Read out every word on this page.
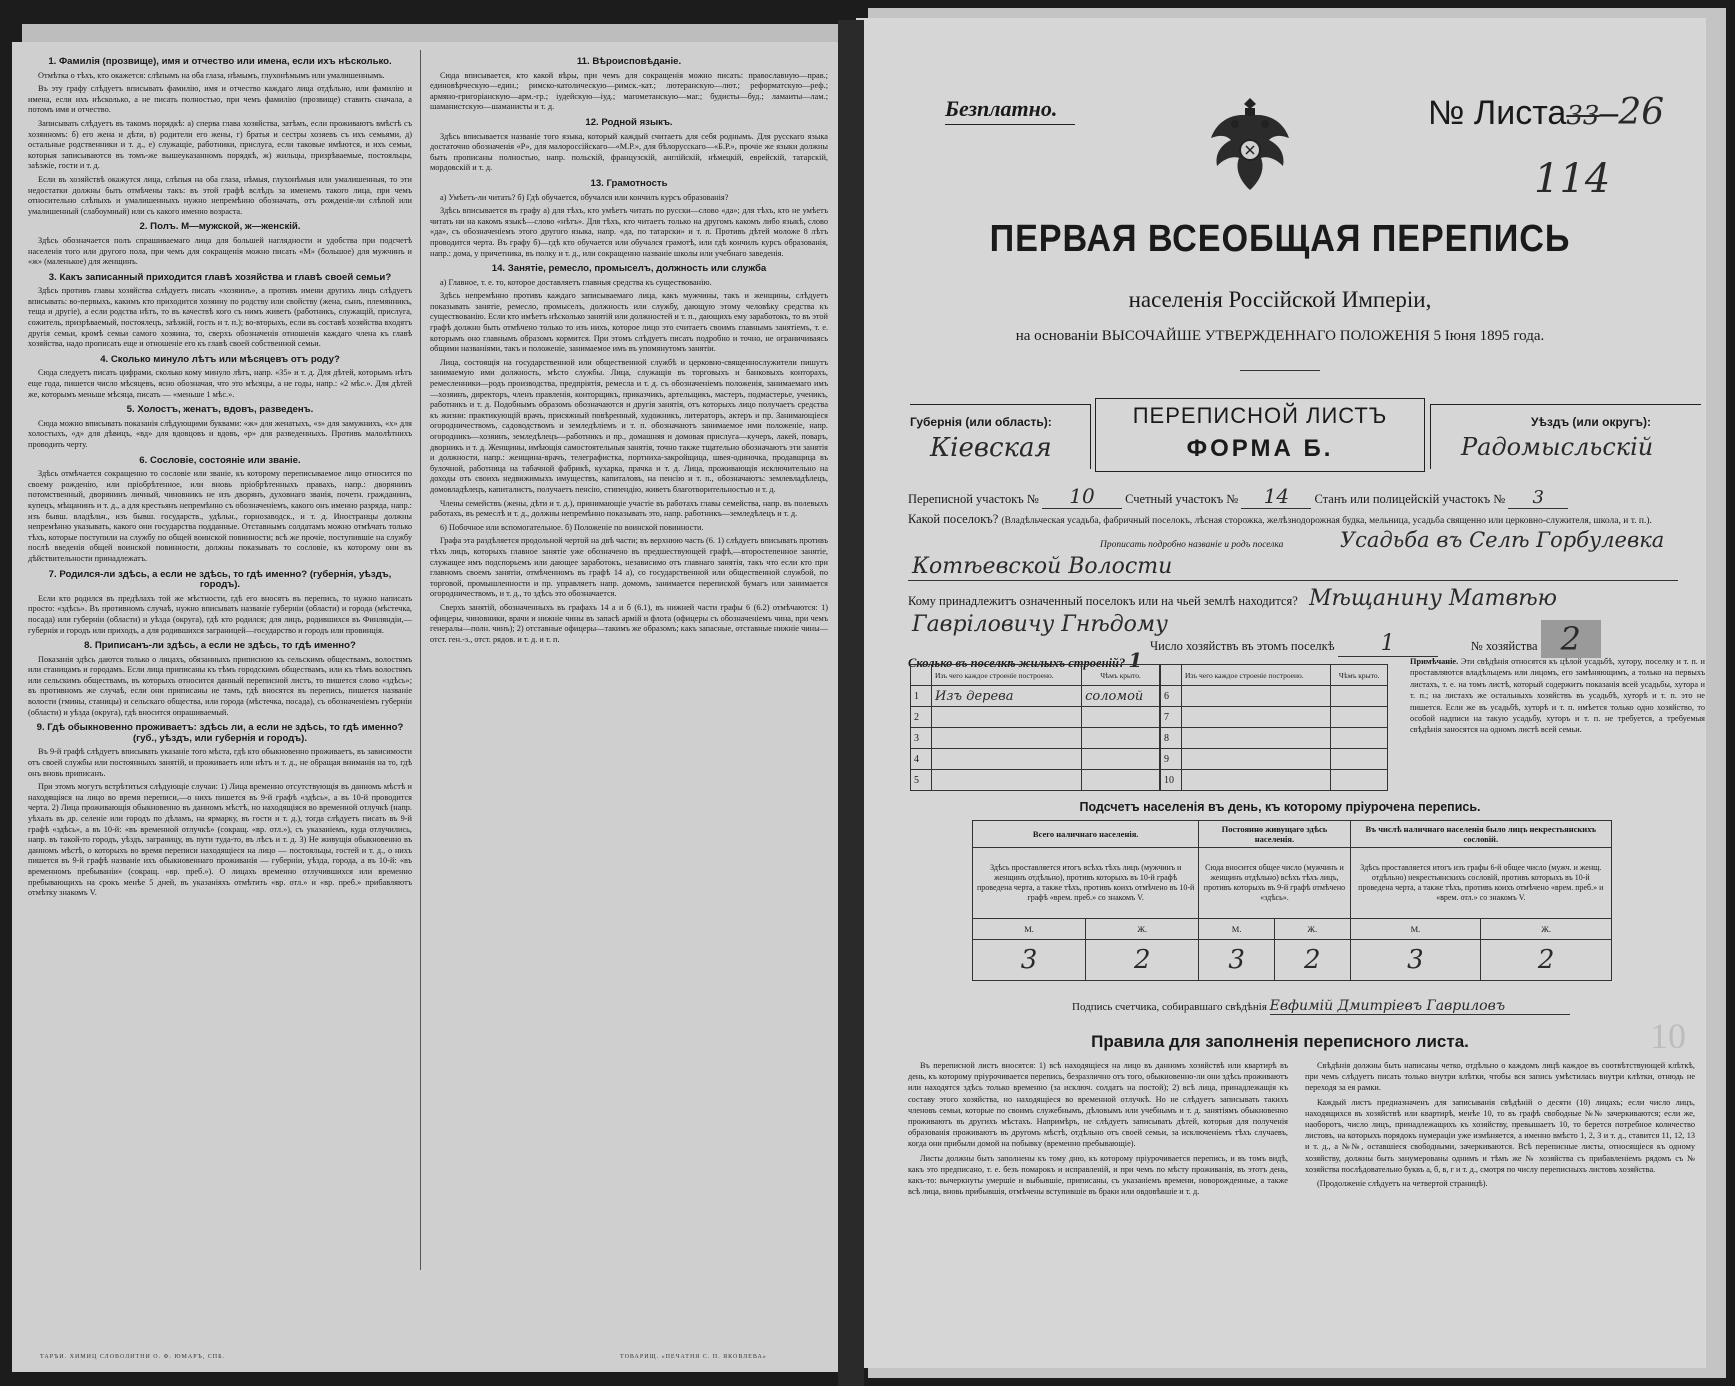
1. Фамилія (прозвище), имя и отчество или имена, если ихъ нѣсколько.

Отмѣтка о тѣхъ, кто окажется: слѣпымъ на оба глаза, нѣмымъ, глухонѣмымъ или умалишеннымъ.

Въ эту графу слѣдуетъ вписывать фамилію, имя и отчество каждаго лица отдѣльно, или фамилію и имена, если ихъ нѣсколько, а не писать полностью, при чемъ фамилію (прозвище) ставить сначала, а потомъ имя и отчество.

Записывать слѣдуетъ въ такомъ порядкѣ: а) сперва глава хозяйства, затѣмъ, если проживаютъ вмѣстѣ съ хозяиномъ: б) его жена и дѣти, в) родители его жены, г) братья и сестры хозяевъ съ ихъ семьями, д) остальные родственники и т. д., е) служащіе, работники, прислуга, если таковые имѣются, и ихъ семьи, которыя записываются въ томъ-же вышеуказанномъ порядкѣ, ж) жильцы, призрѣваемые, постояльцы, заѣзжіе, гости и т. д.

Если въ хозяйствѣ окажутся лица, слѣпыя на оба глаза, нѣмыя, глухонѣмыя или умалишенныя, то эти недостатки должны быть отмѣчены такъ: въ этой графѣ вслѣдъ за именемъ такого лица, при чемъ относительно слѣпыхъ и умалишенныхъ нужно непремѣнно обозначать, отъ рожденія-ли слѣпой или умалишенный (слабоумный) или съ какого именно возраста.

2. Полъ. М—мужской, ж—женскій.

Здѣсь обозначается полъ спрашиваемаго лица для большей наглядности и удобства при подсчетѣ населенія того или другого пола, при чемъ для сокращенія можно писать «М» (большое) для мужчинъ и «ж» (маленькое) для женщинъ.

3. Какъ записанный приходится главѣ хозяйства и главѣ своей семьи?

Здѣсь противъ главы хозяйства слѣдуетъ писать «хозяинъ», а противъ имени другихъ лицъ слѣдуетъ вписывать: во-первыхъ, какимъ кто приходится хозяину по родству или свойству (жена, сынъ, племянникъ, теща и другіе), а если родства нѣтъ, то въ качествѣ кого съ нимъ живетъ (работникъ, служащій, прислуга, сожитель, призрѣваемый, постоялецъ, заѣзжій, гость и т. п.); во-вторыхъ, если въ составѣ хозяйства входятъ другія семьи, кромѣ семьи самого хозяина, то, сверхъ обозначенія отношенія каждаго члена къ главѣ хозяйства, надо прописать еще и отношеніе его къ главѣ своей собственной семьи.

4. Сколько минуло лѣтъ или мѣсяцевъ отъ роду?

Сюда следуетъ писать цифрами, сколько кому минуло лѣтъ, напр. «35» и т. д. Для дѣтей, которымъ нѣтъ еще года, пишется число мѣсяцевъ, ясно обозначая, что это мѣсяцы, а не годы, напр.: «2 мѣс.». Для дѣтей же, которымъ меньше мѣсяца, писать — «меньше 1 мѣс.».

5. Холостъ, женатъ, вдовъ, разведенъ.

Сюда можно вписывать показанія слѣдующими буквами: «ж» для женатыхъ, «з» для замужнихъ, «х» для холостыхъ, «д» для дѣвицъ, «вд» для вдовцовъ и вдовъ, «р» для разведенныхъ. Противъ малолѣтнихъ проводить черту.

6. Сословіе, состояніе или званіе.

Здѣсь отмѣчается сокращенно то сословіе или званіе, къ которому переписываемое лицо относится по своему рожденію, или пріобрѣтенное, или вновь пріобрѣтенныхъ правахъ, напр.: дворянинъ потомственный, дворянинъ личный, чиновникъ не изъ дворянъ, духовнаго званія, почетн. гражданинъ, купецъ, мѣщанинъ и т. д., а для крестьянъ непремѣнно съ обозначеніемъ, какого онъ именно разряда, напр.: изъ бывш. владѣльч., изъ бывш. государств., удѣльн., горнозаводск., и т. д. Иностранцы должны непремѣнно указывать, какого они государства подданные. Отставнымъ солдатамъ можно отмѣчать только тѣхъ, которые поступили на службу по общей воинской повинности; всѣ же прочіе, поступившіе на службу послѣ введенія общей воинской повинности, должны показывать то сословіе, къ которому они въ дѣйствительности принадлежатъ.

7. Родился-ли здѣсь, а если не здѣсь, то гдѣ именно? (губернія, уѣздъ, городъ).

Если кто родился въ предѣлахъ той же мѣстности, гдѣ его вносятъ въ перепись, то нужно написать просто: «здѣсь». Въ противномъ случаѣ, нужно вписывать названіе губерніи (области) и города (мѣстечка, посада) или губерніи (области) и уѣзда (округа), гдѣ кто родился; для лицъ, родившихся въ Финляндіи,—губернія и городъ или приходъ, а для родившихся заграницей—государство и городъ или провинція.

8. Приписанъ-ли здѣсь, а если не здѣсь, то гдѣ именно?

Показанія здѣсь даются только о лицахъ, обязанныхъ приписною къ сельскимъ обществамъ, волостямъ или станицамъ и городамъ. Если лица приписаны къ тѣмъ городскимъ обществамъ, или къ тѣмъ волостямъ или сельскимъ обществамъ, въ которыхъ относится данный переписной листъ, то пишется слово «здѣсь»; въ противномъ же случаѣ, если они приписаны не тамъ, гдѣ вносятся въ перепись, пишется названіе волости (гмины, станицы) и сельскаго общества, или города (мѣстечка, посада), съ обозначеніемъ губерніи (области) и уѣзда (округа), гдѣ вносится опрашиваемый.

9. Гдѣ обыкновенно проживаетъ: здѣсь ли, а если не здѣсь, то гдѣ именно? (губ., уѣздъ, или губернія и городъ).

Въ 9-й графѣ слѣдуетъ вписывать указаніе того мѣста, гдѣ кто обыкновенно проживаетъ, въ зависимости отъ своей службы или постоянныхъ занятій, и проживаетъ или нѣтъ и т. д., не обращая вниманія на то, гдѣ онъ вновь приписанъ.

При этомъ могутъ встрѣтиться слѣдующіе случаи: 1) Лица временно отсутствующія въ данномъ мѣстѣ и находящіяся на лицо во время переписи,—о нихъ пишется въ 9-й графѣ «здѣсь», а въ 10-й проводится черта. 2) Лица проживающія обыкновенно въ данномъ мѣстѣ, но находящіяся во временной отлучкѣ (напр. уѣхалъ въ др. селеніе или городъ по дѣламъ, на ярмарку, въ гости и т. д.), тогда слѣдуетъ писать въ 9-й графѣ «здѣсь», а въ 10-й: «въ временной отлучкѣ» (сокращ. «вр. отл.»), съ указаніемъ, куда отлучились, напр. въ такой-то городъ, уѣздъ, заграницу, въ пути туда-то, въ лѣсъ и т. д. 3) Не живущія обыкновенно въ данномъ мѣстѣ, о которыхъ во время переписи находящіеся на лицо — постояльцы, гостей и т. д., о нихъ пишется въ 9-й графѣ названіе ихъ обыкновеннаго проживанія — губерніи, уѣзда, города, а въ 10-й: «въ временномъ пребываніи» (сокращ. «вр. преб.»). О лицахъ временно отлучившихся или временно пребывающихъ на срокъ менѣе 5 дней, въ указаніяхъ отмѣтить «вр. отл.» и «вр. преб.» прибавляютъ отмѣтку знакомъ V.

11. Вѣроисповѣданіе.

Сюда вписывается, кто какой вѣры, при чемъ для сокращенія можно писать: православную—прав.; единовѣрческую—един.; римско-католическую—римск.-кат.; лютеранскую—лют.; реформатскую—реф.; армяно-григоріанскую—арм.-гр.; іудейскую—іуд.; магометанскую—маг.; будисты—буд.; ламаиты—лам.; шаманистскую—шаманисты и т. д.

12. Родной языкъ.

Здѣсь вписывается названіе того языка, который каждый считаетъ для себя роднымъ. Для русскаго языка достаточно обозначенія «Р», для малороссійскаго—«М.Р.», для бѣлорусскаго—«Б.Р.», прочіе же языки должны быть прописаны полностью, напр. польскій, французскій, англійскій, нѣмецкій, еврейскій, татарскій, мордовскій и т. д.

13. Грамотность

а) Умѣетъ-ли читать? б) Гдѣ обучается, обучался или кончилъ курсъ образованія?

Здѣсь вписывается въ графу а) для тѣхъ, кто умѣетъ читать по русски—слово «да»; для тѣхъ, кто не умѣетъ читать ни на какомъ языкѣ—слово «нѣтъ». Для тѣхъ, кто читаетъ только на другомъ какомъ либо языкѣ, слово «да», съ обозначеніемъ этого другого языка, напр. «да, по татарски» и т. п. Противъ дѣтей моложе 8 лѣтъ проводится черта. Въ графу б)—гдѣ кто обучается или обучался грамотѣ, или гдѣ кончилъ курсъ образованія, напр.: дома, у причетника, въ полку и т. д., или сокращенно названіе школы или учебнаго заведенія.

14. Занятіе, ремесло, промыселъ, должность или служба

а) Главное, т. е. то, которое доставляетъ главныя средства къ существованію.

Здѣсь непремѣнно противъ каждаго записываемаго лица, какъ мужчины, такъ и женщины, слѣдуетъ показывать занятіе, ремесло, промыселъ, должность или службу, дающую этому человѣку средства къ существованію. Если кто имѣетъ нѣсколько занятій или должностей и т. п., дающихъ ему заработокъ, то въ этой графѣ должно быть отмѣчено только то изъ нихъ, которое лицо это считаетъ своимъ главнымъ занятіемъ, т. е. которымъ оно главнымъ образомъ кормится. При этомъ слѣдуетъ писать подробно и точно, не ограничиваясь общими названіями, такъ и положеніе, занимаемое имъ въ упомянутомъ занятіи.

Лица, состоящія на государственной или общественной службѣ и церковно-священнослужители пишутъ занимаемую ими должность, мѣсто службы. Лица, служащія въ торговыхъ и банковыхъ конторахъ, ремесленники—родъ производства, предпріятія, ремесла и т. д. съ обозначеніемъ положенія, занимаемаго имъ—хозяинъ, директоръ, членъ правленія, конторщикъ, приказчикъ, артельщикъ, мастеръ, подмастерье, ученикъ, работникъ и т. д. Подобнымъ образомъ обозначаются и другія занятія, отъ которыхъ лицо получаетъ средства къ жизни: практикующій врачъ, присяжный повѣренный, художникъ, литераторъ, актеръ и пр. Занимающіеся огородничествомъ, садоводствомъ и земледѣліемъ и т. п. обозначаютъ занимаемое ими положеніе, напр. огородникъ—хозяинъ, земледѣлецъ—работникъ и пр., домашняя и домовая прислуга—кучеръ, лакей, поваръ, дворникъ и т. д. Женщины, имѣющія самостоятельныя занятія, точно также тщательно обозначаютъ эти занятія и должности, напр.: женщина-врачъ, телеграфистка, портниха-закройщица, швея-одиночка, продавщица въ булочной, работница на табачной фабрикѣ, кухарка, прачка и т. д. Лица, проживающія исключительно на доходы отъ своихъ недвижимыхъ имуществъ, капиталовъ, на пенсію и т. п., обозначаютъ: землевладѣлецъ, домовладѣлецъ, капиталистъ, получаетъ пенсію, стипендію, живетъ благотворительностью и т. д.

Члены семействъ (жены, дѣти и т. д.), принимающіе участіе въ работахъ главы семейства, напр. въ полевыхъ работахъ, въ ремеслѣ и т. д., должны непремѣнно показывать это, напр. работникъ—земледѣлецъ и т. д.

6) Побочное или вспомогательное. б) Положеніе по воинской повинности.

Графа эта раздѣляется продольной чертой на двѣ части; въ верхнюю часть (6. 1) слѣдуетъ вписывать противъ тѣхъ лицъ, которыхъ главное занятіе уже обозначено въ предшествующей графѣ,—второстепенное занятіе, служащее имъ подспорьемъ или дающее заработокъ, независимо отъ главнаго занятія, такъ что если кто при главномъ своемъ занятіи, отмѣченномъ въ графѣ 14 а), со государственной или общественной службой, по торговой, промышленности и пр. управляетъ напр. домомъ, занимается перепиской бумагъ или занимается огородничествомъ, и т. д., то здѣсь это обозначается.

Сверхъ занятій, обозначенныхъ въ графахъ 14 а и б (6.1), въ нижней части графы 6 (6.2) отмѣчаются: 1) офицеры, чиновники, врачи и нижніе чины въ запасѣ армій и флота (офицеры съ обозначеніемъ чина, при чемъ генералы—полн. чинъ); 2) отставные офицеры—такимъ же образомъ; какъ запасные, отставные нижніе чины—отст. ген.-з., отст. рядов. и т. д. и т. п.

ТАРЪИ. ХИМИЦ СЛОВОЛИТНИ О. Ф. ЮМАРЪ, СПБ.	ТОВАРИЩ. «ПЕЧАТНЯ С. П. ЯКОВЛЕВА»
Безплатно.	№ Листа33–26
114
ПЕРВАЯ ВСЕОБЩАЯ ПЕРЕПИСЬ
населенія Россійской Имперіи,
на основаніи ВЫСОЧАЙШЕ УТВЕРЖДЕННАГО ПОЛОЖЕНІЯ 5 Іюня 1895 года.
Губернія (или область):
Кіевская
ПЕРЕПИСНОЙ ЛИСТЪ
ФОРМА Б.
Уѣздъ (или округъ):
Радомысльскій
Переписной участокъ № 10 Счетный участокъ № 14 Станъ или полицейскій участокъ № 3
Какой поселокъ? (Владѣльческая усадьба, фабричный поселокъ, лѣсная сторожка, желѣзнодорожная будка, мельница, усадьба священно или церковно-служителя, школа, и т. п.).
Прописать подробно названіе и родъ поселка	Усадьба въ Селѣ Горбулевка
Котѣевской Волости
Кому принадлежитъ означенный поселокъ или на чьей землѣ находится? Мѣщанину Матвѣю
Гавріловичу Гнѣдому
Число хозяйствъ въ этомъ поселкѣ 1	№ хозяйства 2
Сколько въ поселкѣ жилыхъ строеній? 1
	Изъ чего каждое строеніе построено.	Чѣмъ крыто.
1	Изъ дерева	соломой
2		
3		
4		
5		
	Изъ чего каждое строеніе построено.	Чѣмъ крыто.
6		
7		
8		
9		
10		
Примѣчаніе. Эти свѣдѣнія относятся къ цѣлой усадьбѣ, хутору, поселку и т. п. и проставляются владѣльцемъ или лицомъ, его замѣняющимъ, а только на первыхъ листахъ, т. е. на томъ листѣ, который содержитъ показанія всей усадьбы, хутора и т. п.; на листахъ же остальныхъ хозяйствъ въ усадьбѣ, хуторѣ и т. п. это не пишется. Если же въ усадьбѣ, хуторѣ и т. п. имѣется только одно хозяйство, то особой надписи на такую усадьбу, хуторъ и т. п. не требуется, а требуемыя свѣдѣнія заносятся на одномъ листѣ всей семьи.
Подсчетъ населенія въ день, къ которому пріурочена перепись.
Всего наличнаго населенія.		Постоянно живущаго здѣсь населенія.		Въ числѣ наличнаго населенія было лицъ некрестьянскихъ сословій.	
Здѣсь проставляется итогъ всѣхъ тѣхъ лицъ (мужчинъ и женщинъ отдѣльно), противъ которыхъ въ 10-й графѣ проведена черта, а также тѣхъ, противъ коихъ отмѣчено въ 10-й графѣ «врем. преб.» со знакомъ V.		Сюда вносится общее число (мужчинъ и женщинъ отдѣльно) всѣхъ тѣхъ лицъ, противъ которыхъ въ 9-й графѣ отмѣчено «здѣсь».		Здѣсь проставляется итогъ изъ графы 6-й общее число (мужч. и женщ. отдѣльно) некрестьянскихъ сословій, противъ которыхъ въ 10-й проведена черта, а также тѣхъ, противъ коихъ отмѣчено «врем. преб.» и «врем. отл.» со знакомъ V.	
М.	Ж.	М.	Ж.	М.	Ж.
3	2	3	2	3	2
Подпись счетчика, собиравшаго свѣдѣнія Евфимій Дмитріевъ Гавриловъ
Правила для заполненія переписного листа.

Въ переписной листъ вносятся: 1) всѣ находящіеся на лицо въ данномъ хозяйствѣ или квартирѣ въ день, къ которому пріурочивается перепись, безразлично отъ того, обыкновенно-ли они здѣсь проживаютъ или находятся здѣсь только временно (за исключ. солдатъ на постой); 2) всѣ лица, принадлежащія къ составу этого хозяйства, но находящіеся во временной отлучкѣ. Но не слѣдуетъ записывать такихъ членовъ семьи, которые по своимъ служебнымъ, дѣловымъ или учебнымъ и т. д. занятіямъ обыкновенно проживаютъ въ другихъ мѣстахъ. Напримѣръ, не слѣдуетъ записывать дѣтей, которыя для полученія образованія проживаютъ въ другомъ мѣстѣ, отдѣльно отъ своей семьи, за исключеніемъ тѣхъ случаевъ, когда они прибыли домой на побывку (временно пребывающіе).

Листы должны быть заполнены къ тому дню, къ которому пріурочивается перепись, и въ томъ видѣ, какъ это предписано, т. е. безъ помарокъ и исправленій, и при чемъ по мѣсту проживанія, въ этотъ день, какъ-то: вычеркнуты умершіе и выбывшіе, приписаны, съ указаніемъ времени, новорожденные, а также всѣ лица, вновь прибывшія, отмѣчены вступившіе въ браки или овдовѣвшіе и т. д.

Свѣдѣнія должны быть написаны четко, отдѣльно о каждомъ лицѣ каждое въ соотвѣтствующей клѣткѣ, при чемъ слѣдуетъ писать только внутри клѣтки, чтобы вся запись умѣстилась внутри клѣтки, отнюдь не переходя за ея рамки.

Каждый листъ предназначенъ для записыванія свѣдѣній о десяти (10) лицахъ; если число лицъ, находящихся въ хозяйствѣ или квартирѣ, менѣе 10, то въ графѣ свободные №№ зачеркиваются; если же, наоборотъ, число лицъ, принадлежащихъ къ хозяйству, превышаетъ 10, то берется потребное количество листовъ, на которыхъ порядокъ нумераціи уже измѣняется, а именно вмѣсто 1, 2, 3 и т. д., ставится 11, 12, 13 и т. д., а №№, оставшіеся свободными, зачеркиваются. Всѣ переписные листы, относящіеся къ одному хозяйству, должны быть занумерованы однимъ и тѣмъ же № хозяйства съ прибавленіемъ рядомъ съ № хозяйства послѣдовательно буквъ а, б, в, г и т. д., смотря по числу переписныхъ листовъ хозяйства.

(Продолженіе слѣдуетъ на четвертой страницѣ).

10
